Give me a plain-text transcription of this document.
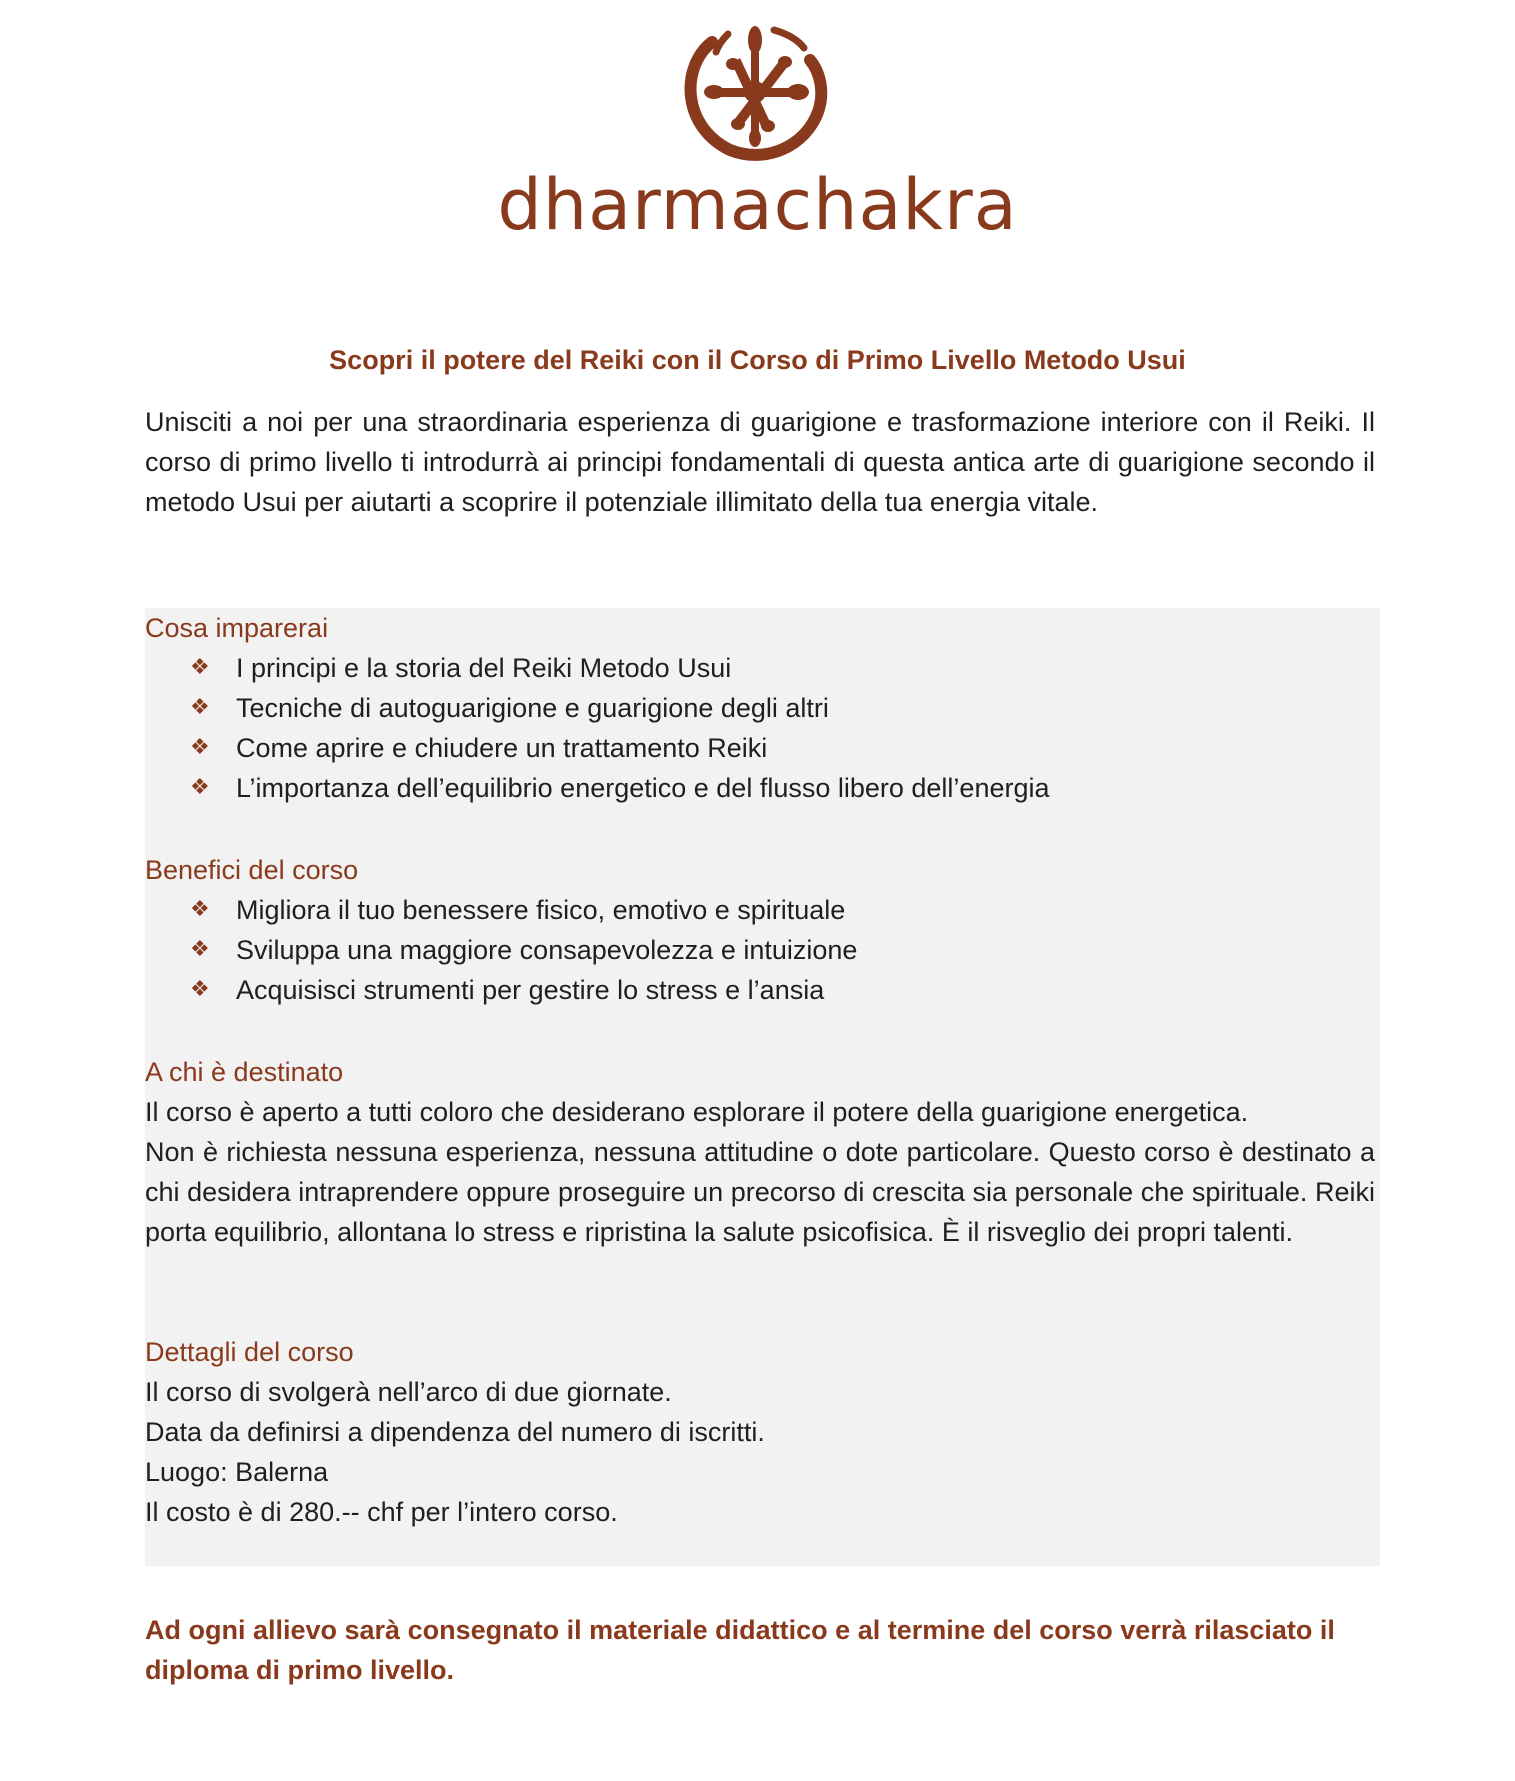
dharmachakra
Scopri il potere del Reiki con il Corso di Primo Livello Metodo Usui

Unisciti a noi per una straordinaria esperienza di guarigione e trasformazione interiore con il Reiki. Il corso di primo livello ti introdurrà ai principi fondamentali di questa antica arte di guarigione secondo il metodo Usui per aiutarti a scoprire il potenziale illimitato della tua energia vitale.

Cosa imparerai
❖ I principi e la storia del Reiki Metodo Usui
❖ Tecniche di autoguarigione e guarigione degli altri
❖ Come aprire e chiudere un trattamento Reiki
❖ L’importanza dell’equilibrio energetico e del flusso libero dell’energia
Benefici del corso
❖ Migliora il tuo benessere fisico, emotivo e spirituale
❖ Sviluppa una maggiore consapevolezza e intuizione
❖ Acquisisci strumenti per gestire lo stress e l’ansia
A chi è destinato
Il corso è aperto a tutti coloro che desiderano esplorare il potere della guarigione energetica.

Non è richiesta nessuna esperienza, nessuna attitudine o dote particolare. Questo corso è destinato a chi desidera intraprendere oppure proseguire un precorso di crescita sia personale che spirituale. Reiki porta equilibrio, allontana lo stress e ripristina la salute psicofisica. È il risveglio dei propri talenti.

Dettagli del corso
Il corso di svolgerà nell’arco di due giornate.
Data da definirsi a dipendenza del numero di iscritti.
Luogo: Balerna
Il costo è di 280.-- chf per l’intero corso.

Ad ogni allievo sarà consegnato il materiale didattico e al termine del corso verrà rilasciato il diploma di primo livello.
